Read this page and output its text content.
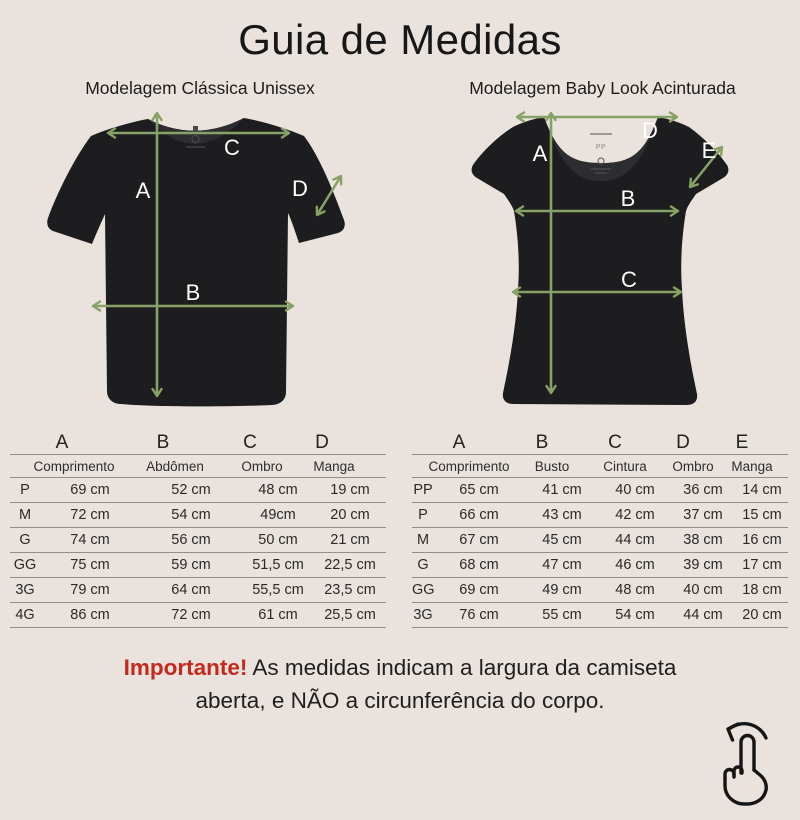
Guia de Medidas
Modelagem Clássica Unissex	Modelagem Baby Look Acinturada
A
B
C
D
PP
A
B
C
D
E
A	B	C	D
Comprimento	Abdômen	Ombro	Manga
P	69 cm	52 cm	48 cm	19 cm
M	72 cm	54 cm	49cm	20 cm
G	74 cm	56 cm	50 cm	21 cm
GG	75 cm	59 cm	51,5 cm	22,5 cm
3G	79 cm	64 cm	55,5 cm	23,5 cm
4G	86 cm	72 cm	61 cm	25,5 cm
A	B	C	D	E
Comprimento	Busto	Cintura	Ombro	Manga
PP	65 cm	41 cm	40 cm	36 cm	14 cm
P	66 cm	43 cm	42 cm	37 cm	15 cm
M	67 cm	45 cm	44 cm	38 cm	16 cm
G	68 cm	47 cm	46 cm	39 cm	17 cm
GG	69 cm	49 cm	48 cm	40 cm	18 cm
3G	76 cm	55 cm	54 cm	44 cm	20 cm

Importante! As medidas indicam a largura da camiseta
aberta, e NÃO a circunferência do corpo.
